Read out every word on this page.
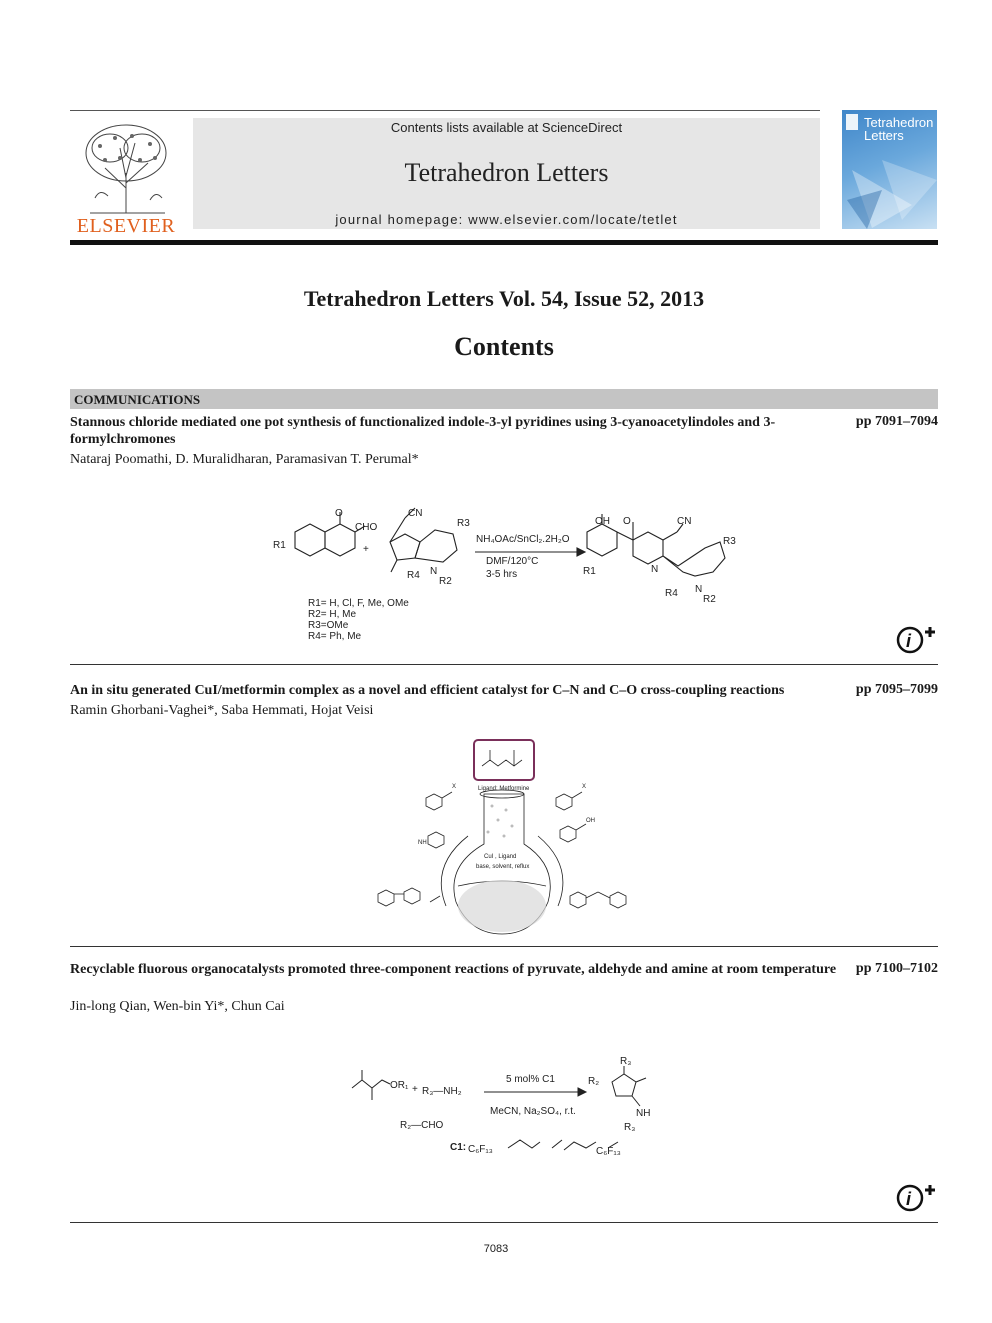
ELSEVIER
Contents lists available at ScienceDirect
Tetrahedron Letters
journal homepage: www.elsevier.com/locate/tetlet
Tetrahedron
Letters
Tetrahedron Letters Vol. 54, Issue 52, 2013
Contents
COMMUNICATIONS
Stannous chloride mediated one pot synthesis of functionalized indole-3-yl pyridines using 3-cyanoacetylindoles and 3-formylchromones
pp 7091–7094
Nataraj Poomathi, D. Muralidharan, Paramasivan T. Perumal*
R1
O
CHO
+
CN
R3
R4 N
R2
NH₄OAc/SnCl₂.2H₂O
DMF/120°C
3-5 hrs
OH O	CN
R1	N
R3
R4 N
R2
R1= H, Cl, F, Me, OMe
R2= H, Me
R3=OMe
R4= Ph, Me	i
An in situ generated CuI/metformin complex as a novel and efficient catalyst for C–N and C–O cross-coupling reactions	pp 7095–7099
Ramin Ghorbani-Vaghei*, Saba Hemmati, Hojat Veisi
Ligand: Metformine
CuI , Ligand
base, solvent, reflux
X	X
OH
NH
Recyclable fluorous organocatalysts promoted three-component reactions of pyruvate, aldehyde and amine at room temperature pp 7100–7102
Jin-long Qian, Wen-bin Yi*, Chun Cai
OR₁ + R₃—NH₂
5 mol% C1
MeCN, Na₂SO₄, r.t.
R₂—CHO
R₂
R₃
NH
R₃
C1: C₆F₁₃	C₆F₁₃
i
7083
